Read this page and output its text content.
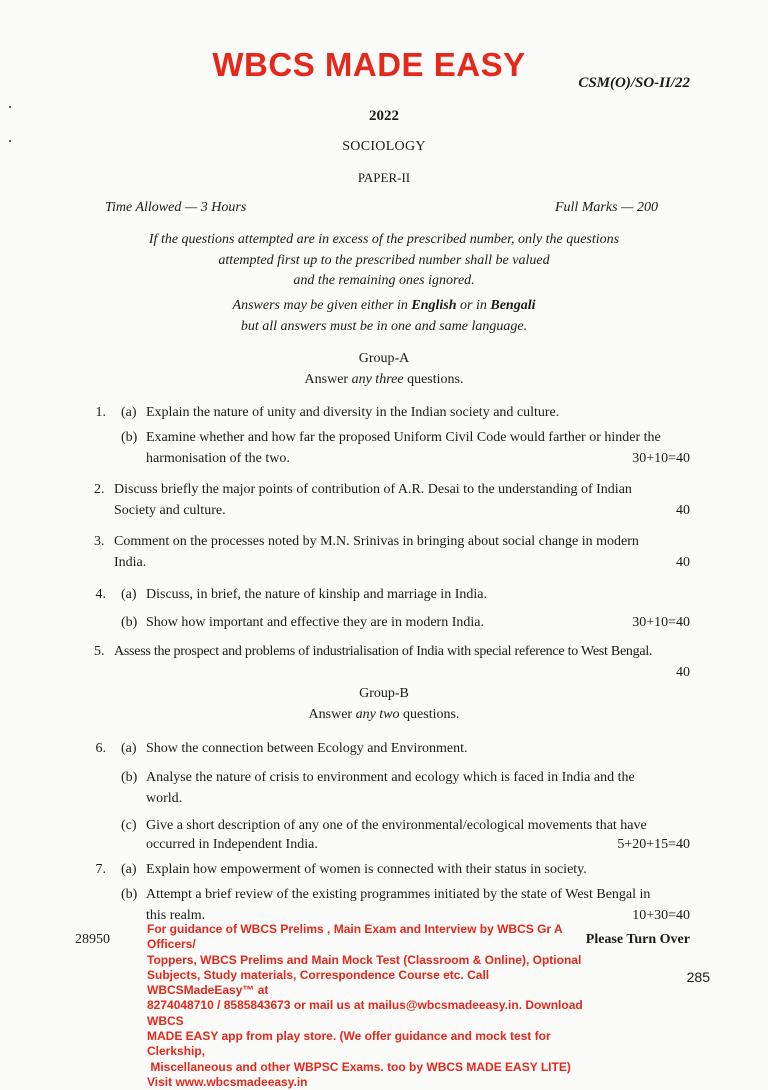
WBCS MADE EASY	CSM(O)/SO-II/22
2022
SOCIOLOGY
PAPER-II
Time Allowed — 3 Hours	Full Marks — 200
If the questions attempted are in excess of the prescribed number, only the questions
attempted first up to the prescribed number shall be valued
and the remaining ones ignored.
Answers may be given either in English or in Bengali
but all answers must be in one and same language.
Group-A
Answer any three questions.
1. (a) Explain the nature of unity and diversity in the Indian society and culture.
(b) Examine whether and how far the proposed Uniform Civil Code would farther or hinder the
harmonisation of the two.	30+10=40
2. Discuss briefly the major points of contribution of A.R. Desai to the understanding of Indian
Society and culture.	40
3. Comment on the processes noted by M.N. Srinivas in bringing about social change in modern
India.	40
4. (a) Discuss, in brief, the nature of kinship and marriage in India.
(b) Show how important and effective they are in modern India.	30+10=40
5. Assess the prospect and problems of industrialisation of India with special reference to West Bengal.
40
Group-B
Answer any two questions.
6. (a) Show the connection between Ecology and Environment.
(b) Analyse the nature of crisis to environment and ecology which is faced in India and the
world.
(c) Give a short description of any one of the environmental/ecological movements that have
occurred in Independent India.	5+20+15=40
7. (a) Explain how empowerment of women is connected with their status in society.
(b) Attempt a brief review of the existing programmes initiated by the state of West Bengal in
this realm.	10+30=40
28950	Please Turn Over
For guidance of WBCS Prelims , Main Exam and Interview by WBCS Gr A Officers/
Toppers, WBCS Prelims and Main Mock Test (Classroom & Online), Optional
Subjects, Study materials, Correspondence Course etc. Call WBCSMadeEasy™ at
8274048710 / 8585843673 or mail us at mailus@wbcsmadeeasy.in. Download WBCS
MADE EASY app from play store. (We offer guidance and mock test for Clerkship,
Miscellaneous and other WBPSC Exams. too by WBCS MADE EASY LITE)
Visit www.wbcsmadeeasy.in
285
